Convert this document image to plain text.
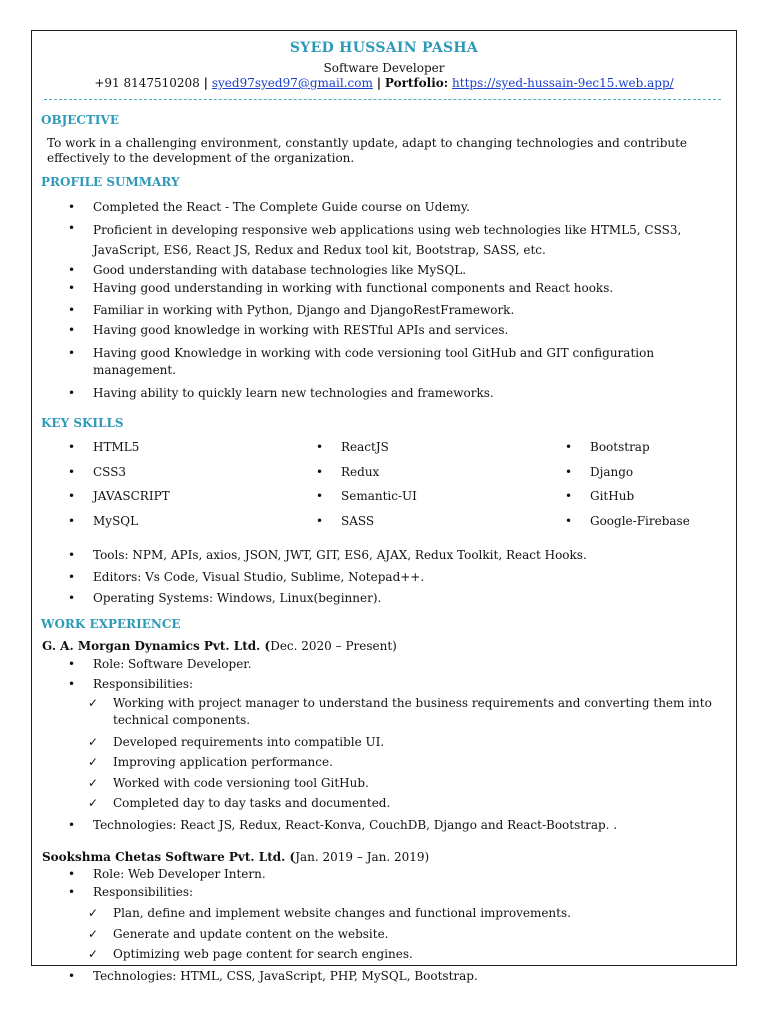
SYED HUSSAIN PASHA
Software Developer
+91 8147510208 | syed97syed97@gmail.com | Portfolio: https://syed-hussain-9ec15.web.app/
OBJECTIVE
To work in a challenging environment, constantly update, adapt to changing technologies and contribute effectively to the development of the organization.
PROFILE SUMMARY
• Completed the React - The Complete Guide course on Udemy.
• Proficient in developing responsive web applications using web technologies like HTML5, CSS3, JavaScript, ES6, React JS, Redux and Redux tool kit, Bootstrap, SASS, etc.
• Good understanding with database technologies like MySQL.
• Having good understanding in working with functional components and React hooks.
• Familiar in working with Python, Django and DjangoRestFramework.
• Having good knowledge in working with RESTful APIs and services.
• Having good Knowledge in working with code versioning tool GitHub and GIT configuration management.
• Having ability to quickly learn new technologies and frameworks.
KEY SKILLS
• HTML5
• CSS3
• JAVASCRIPT
• MySQL
• ReactJS
• Redux
• Semantic-UI
• SASS
• Bootstrap
• Django
• GitHub
• Google-Firebase
• Tools: NPM, APIs, axios, JSON, JWT, GIT, ES6, AJAX, Redux Toolkit, React Hooks.
• Editors: Vs Code, Visual Studio, Sublime, Notepad++.
• Operating Systems: Windows, Linux(beginner).
WORK EXPERIENCE
G. A. Morgan Dynamics Pvt. Ltd. (Dec. 2020 – Present)
• Role: Software Developer.
• Responsibilities:
✓ Working with project manager to understand the business requirements and converting them into technical components.
✓ Developed requirements into compatible UI.
✓ Improving application performance.
✓ Worked with code versioning tool GitHub.
✓ Completed day to day tasks and documented.
• Technologies: React JS, Redux, React-Konva, CouchDB, Django and React-Bootstrap. .
Sookshma Chetas Software Pvt. Ltd. (Jan. 2019 – Jan. 2019)
• Role: Web Developer Intern.
• Responsibilities:
✓ Plan, define and implement website changes and functional improvements.
✓ Generate and update content on the website.
✓ Optimizing web page content for search engines.
• Technologies: HTML, CSS, JavaScript, PHP, MySQL, Bootstrap.
